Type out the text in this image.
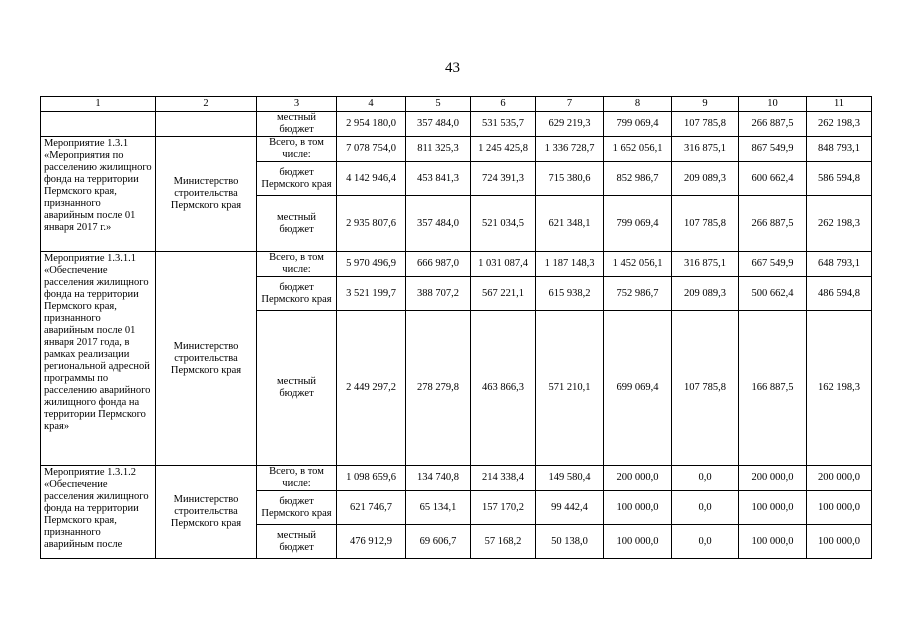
43
1	2	3	4	5	6	7	8	9	10	11
		местный бюджет	2 954 180,0	357 484,0	531 535,7	629 219,3	799 069,4	107 785,8	266 887,5	262 198,3
Мероприятие 1.3.1 «Мероприятия по расселению жилищного фонда на территории Пермского края, признанного аварийным после 01 января 2017 г.»	Министерство строительства Пермского края	Всего, в том числе:	7 078 754,0	811 325,3	1 245 425,8	1 336 728,7	1 652 056,1	316 875,1	867 549,9	848 793,1
		бюджет Пермского края	4 142 946,4	453 841,3	724 391,3	715 380,6	852 986,7	209 089,3	600 662,4	586 594,8
		местный бюджет	2 935 807,6	357 484,0	521 034,5	621 348,1	799 069,4	107 785,8	266 887,5	262 198,3
Мероприятие 1.3.1.1 «Обеспечение расселения жилищного фонда на территории Пермского края, признанного аварийным после 01 января 2017 года, в рамках реализации региональной адресной программы по расселению аварийного жилищного фонда на территории Пермского края»	Министерство строительства Пермского края	Всего, в том числе:	5 970 496,9	666 987,0	1 031 087,4	1 187 148,3	1 452 056,1	316 875,1	667 549,9	648 793,1
		бюджет Пермского края	3 521 199,7	388 707,2	567 221,1	615 938,2	752 986,7	209 089,3	500 662,4	486 594,8
		местный бюджет	2 449 297,2	278 279,8	463 866,3	571 210,1	699 069,4	107 785,8	166 887,5	162 198,3
Мероприятие 1.3.1.2 «Обеспечение расселения жилищного фонда на территории Пермского края, признанного аварийным после	Министерство строительства Пермского края	Всего, в том числе:	1 098 659,6	134 740,8	214 338,4	149 580,4	200 000,0	0,0	200 000,0	200 000,0
		бюджет Пермского края	621 746,7	65 134,1	157 170,2	99 442,4	100 000,0	0,0	100 000,0	100 000,0
		местный бюджет	476 912,9	69 606,7	57 168,2	50 138,0	100 000,0	0,0	100 000,0	100 000,0
